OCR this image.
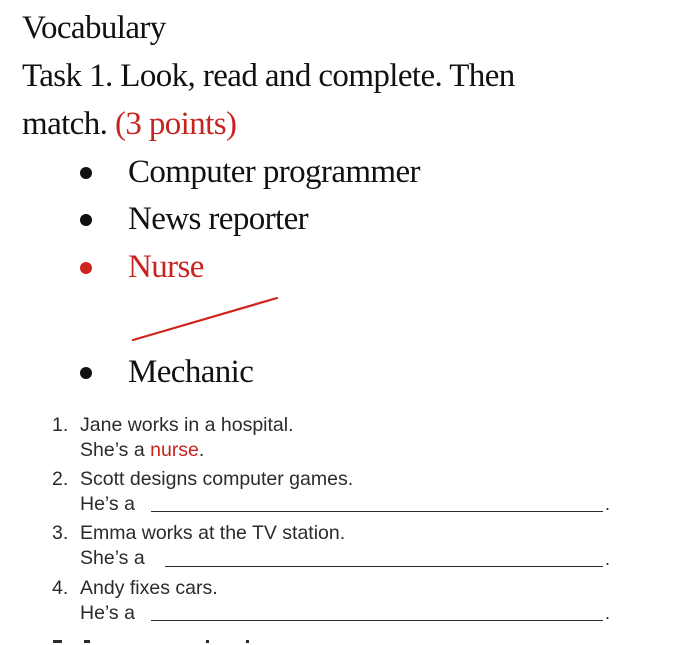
Vocabulary
Task 1. Look, read and complete. Then
match. (3 points)
Computer programmer
News reporter
Nurse
Mechanic
1. Jane works in a hospital.
She’s a nurse.
2. Scott designs computer games.
He’s a	.
3. Emma works at the TV station.
She’s a	.
4. Andy fixes cars.
He’s a	.
